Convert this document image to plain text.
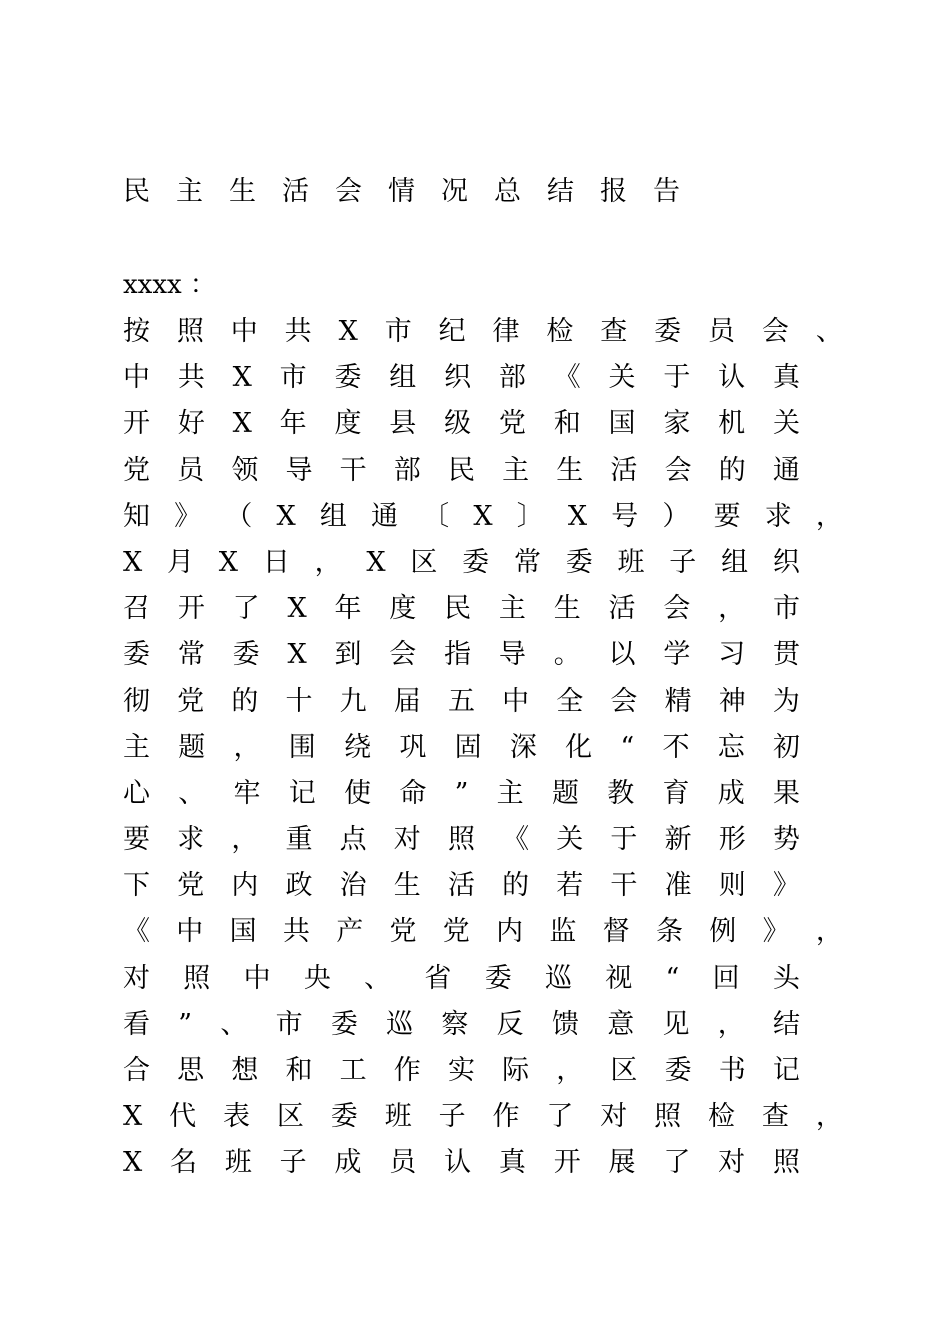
民主生活会情况总结报告
xxxx ：
按 照 中 共 X 市 纪 律 检 查 委 员 会 、
中 共 X 市 委 组 织 部 《 关 于 认 真
开 好 X 年 度 县 级 党 和 国 家 机 关
党 员 领 导 干 部 民 主 生 活 会 的 通
知 》 （ X 组 通 〔 X 〕 X 号 ） 要 求 ，
X 月 X 日 ， X 区 委 常 委 班 子 组 织
召 开 了 X 年 度 民 主 生 活 会 ， 市
委 常 委 X 到 会 指 导 。 以 学 习 贯
彻 党 的 十 九 届 五 中 全 会 精 神 为
主 题 ， 围 绕 巩 固 深 化 “ 不 忘 初
心 、 牢 记 使 命 ” 主 题 教 育 成 果
要 求 ， 重 点 对 照 《 关 于 新 形 势
下 党 内 政 治 生 活 的 若 干 准 则 》
《 中 国 共 产 党 党 内 监 督 条 例 》 ，
对 照 中 央 、 省 委 巡 视 “ 回 头
看 ” 、 市 委 巡 察 反 馈 意 见 ， 结
合 思 想 和 工 作 实 际 ， 区 委 书 记
X 代 表 区 委 班 子 作 了 对 照 检 查 ，
X 名 班 子 成 员 认 真 开 展 了 对 照
